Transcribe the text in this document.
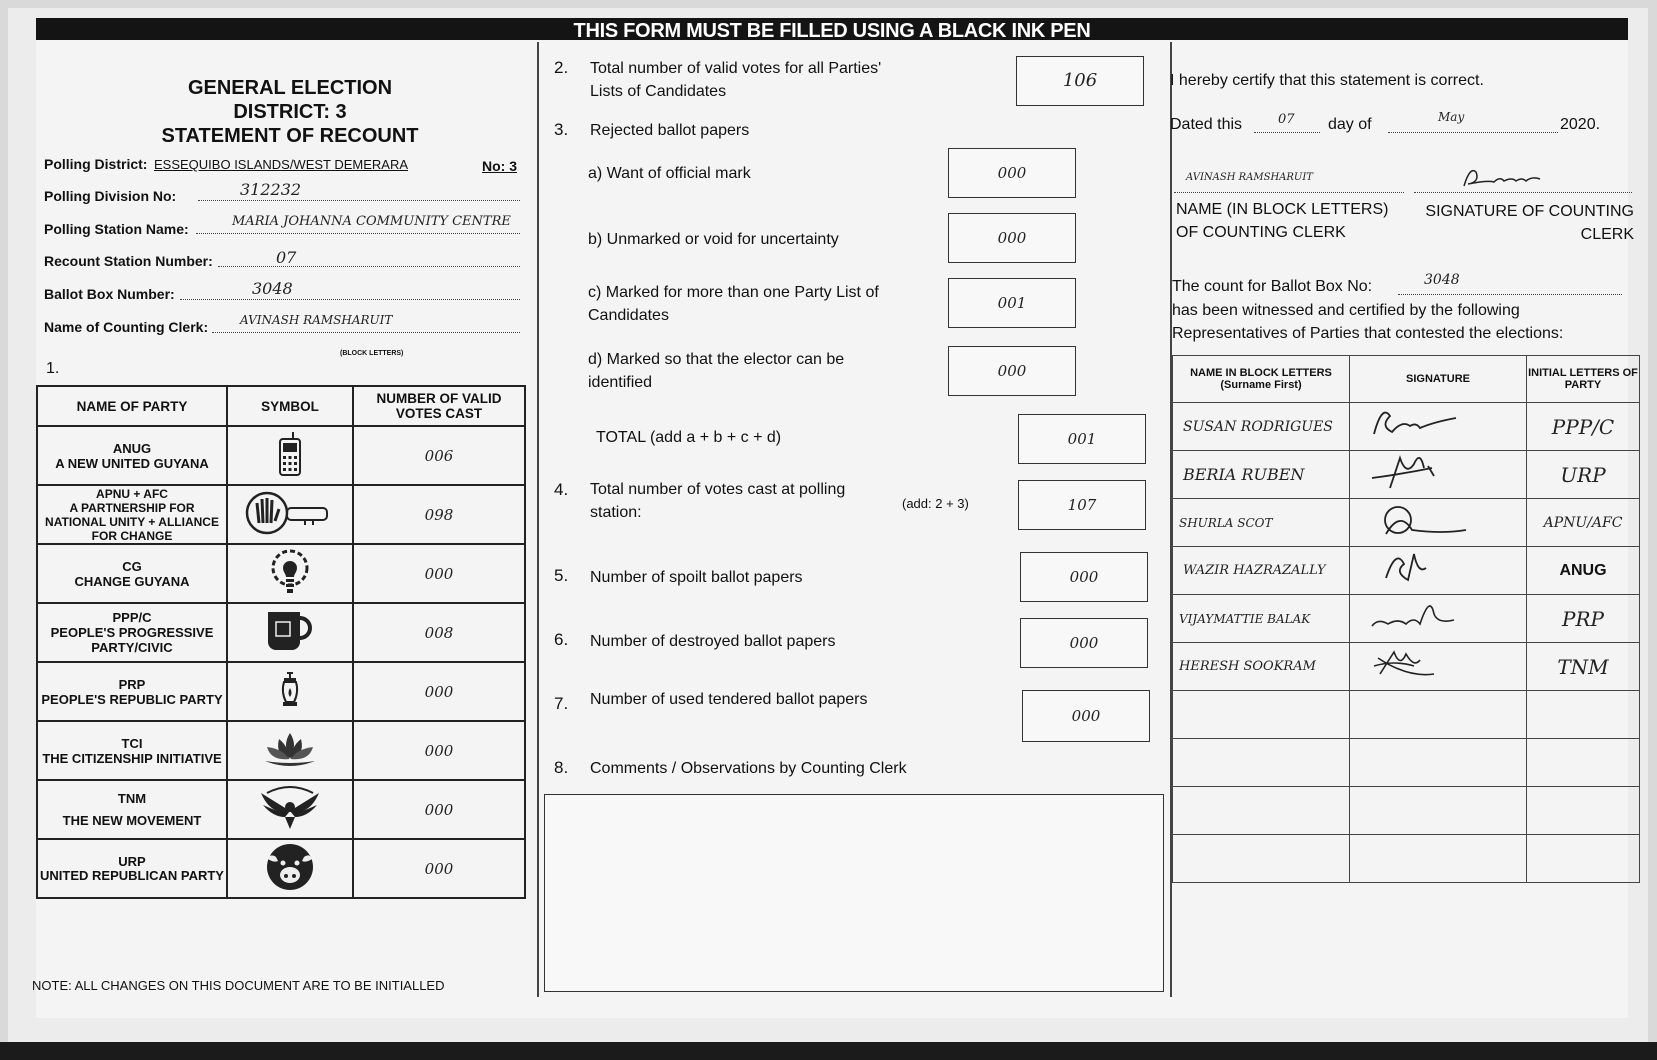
THIS FORM MUST BE FILLED USING A BLACK INK PEN
GENERAL ELECTION
DISTRICT: 3
STATEMENT OF RECOUNT
Polling District: ESSEQUIBO ISLANDS/WEST DEMERARA	No: 3
Polling Division No:	312232
Polling Station Name:	MARIA JOHANNA COMMUNITY CENTRE
Recount Station Number:	07
Ballot Box Number:	3048
Name of Counting Clerk:	AVINASH RAMSHARUIT
(BLOCK LETTERS)
1.
NAME OF PARTY	SYMBOL	NUMBER OF VALID VOTES CAST

ANUG
A NEW UNITED GUYANA		006

APNU + AFC
A PARTNERSHIP FOR NATIONAL UNITY + ALLIANCE FOR CHANGE		098

CG
CHANGE GUYANA		000

PPP/C
PEOPLE'S PROGRESSIVE PARTY/CIVIC		008

PRP
PEOPLE'S REPUBLIC PARTY		000

TCI
THE CITIZENSHIP INITIATIVE		000

TNM
THE NEW MOVEMENT		000

URP
UNITED REPUBLICAN PARTY		000
NOTE: ALL CHANGES ON THIS DOCUMENT ARE TO BE INITIALLED
2. Total number of valid votes for all Parties' Lists of Candidates
106
3. Rejected ballot papers
a) Want of official mark	000
b) Unmarked or void for uncertainty	000
c) Marked for more than one Party List of Candidates
001
d) Marked so that the elector can be identified
000
TOTAL (add a + b + c + d)	001
4. Total number of votes cast at polling station:
(add: 2 + 3)	107
5. Number of spoilt ballot papers	000
6. Number of destroyed ballot papers	000
7. Number of used tendered ballot papers
000
8. Comments / Observations by Counting Clerk
I hereby certify that this statement is correct.
Dated this	07 day of	May	2020.
AVINASH RAMSHARUIT
NAME (IN BLOCK LETTERS) OF COUNTING CLERK
SIGNATURE OF COUNTING CLERK
The count for Ballot Box No:	3048
has been witnessed and certified by the following
Representatives of Parties that contested the elections:
NAME IN BLOCK LETTERS (Surname First)	SIGNATURE	INITIAL LETTERS OF PARTY
SUSAN RODRIGUES		PPP/C
BERIA RUBEN		URP
SHURLA SCOT		APNU/AFC
WAZIR HAZRAZALLY		ANUG
VIJAYMATTIE BALAK		PRP
HERESH SOOKRAM		TNM
